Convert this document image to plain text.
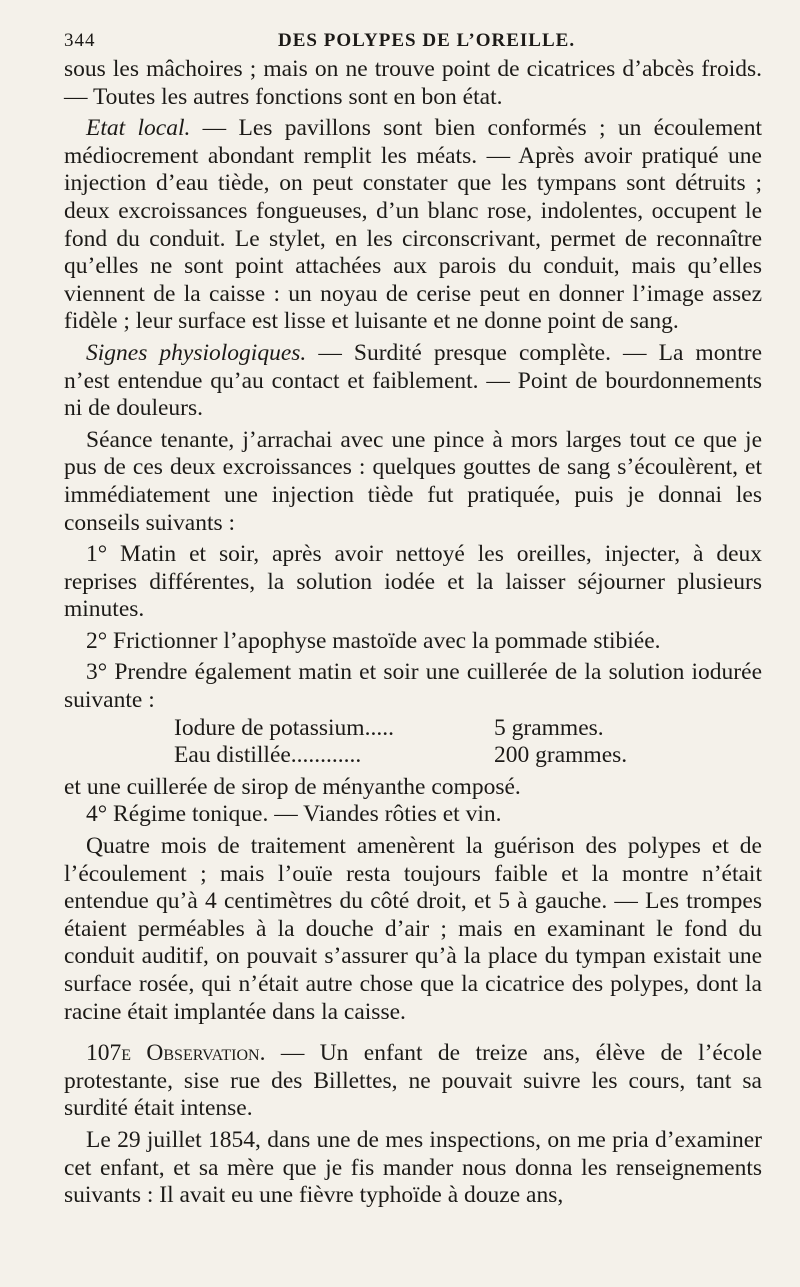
344	DES POLYPES DE L’OREILLE.

sous les mâchoires ; mais on ne trouve point de cicatrices d’abcès froids. — Toutes les autres fonctions sont en bon état.

Etat local. — Les pavillons sont bien conformés ; un écoulement médiocrement abondant remplit les méats. — Après avoir pratiqué une injection d’eau tiède, on peut constater que les tympans sont détruits ; deux excroissances fongueuses, d’un blanc rose, indolentes, occupent le fond du conduit. Le stylet, en les circonscrivant, permet de reconnaître qu’elles ne sont point attachées aux parois du conduit, mais qu’elles viennent de la caisse : un noyau de cerise peut en donner l’image assez fidèle ; leur surface est lisse et luisante et ne donne point de sang.

Signes physiologiques. — Surdité presque complète. — La montre n’est entendue qu’au contact et faiblement. — Point de bourdonnements ni de douleurs.

Séance tenante, j’arrachai avec une pince à mors larges tout ce que je pus de ces deux excroissances : quelques gouttes de sang s’écoulèrent, et immédiatement une injection tiède fut pratiquée, puis je donnai les conseils suivants :

1° Matin et soir, après avoir nettoyé les oreilles, injecter, à deux reprises différentes, la solution iodée et la laisser séjourner plusieurs minutes.

2° Frictionner l’apophyse mastoïde avec la pommade stibiée.

3° Prendre également matin et soir une cuillerée de la solution iodurée suivante :

Iodure de potassium.....	5 grammes.
Eau distillée............	200 grammes.

et une cuillerée de sirop de ményanthe composé.

4° Régime tonique. — Viandes rôties et vin.

Quatre mois de traitement amenèrent la guérison des polypes et de l’écoulement ; mais l’ouïe resta toujours faible et la montre n’était entendue qu’à 4 centimètres du côté droit, et 5 à gauche. — Les trompes étaient perméables à la douche d’air ; mais en examinant le fond du conduit auditif, on pouvait s’assurer qu’à la place du tympan existait une surface rosée, qui n’était autre chose que la cicatrice des polypes, dont la racine était implantée dans la caisse.

107e Observation. — Un enfant de treize ans, élève de l’école protestante, sise rue des Billettes, ne pouvait suivre les cours, tant sa surdité était intense.

Le 29 juillet 1854, dans une de mes inspections, on me pria d’examiner cet enfant, et sa mère que je fis mander nous donna les renseignements suivants : Il avait eu une fièvre typhoïde à douze ans,
